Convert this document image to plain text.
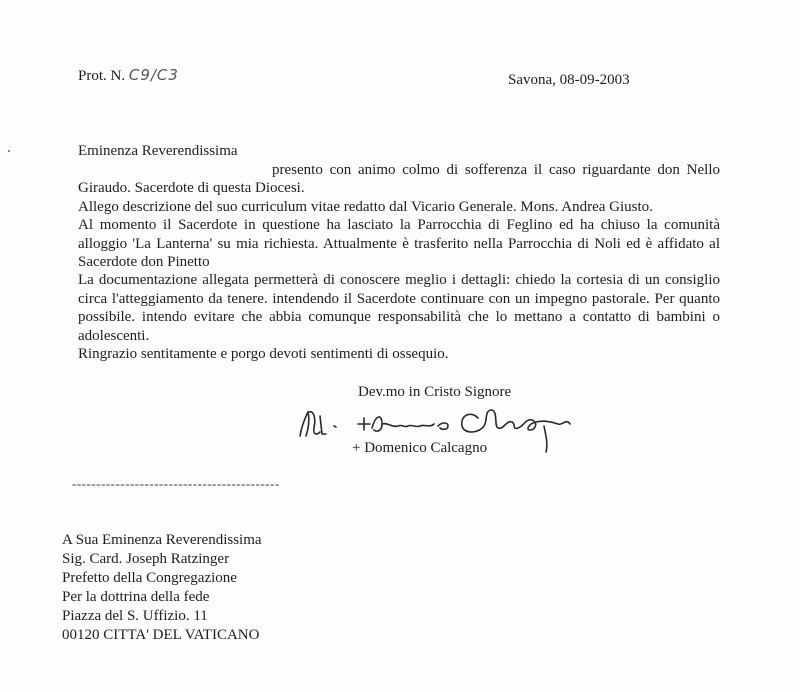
Prot. N. C9/C3	Savona, 08-09-2003
Eminenza Reverendissima

presento con animo colmo di sofferenza il caso riguardante don Nello Giraudo. Sacerdote di questa Diocesi.

Allego descrizione del suo curriculum vitae redatto dal Vicario Generale. Mons. Andrea Giusto.

Al momento il Sacerdote in questione ha lasciato la Parrocchia di Feglino ed ha chiuso la comunità alloggio 'La Lanterna' su mia richiesta. Attualmente è trasferito nella Parrocchia di Noli ed è affidato al Sacerdote don Pinetto

La documentazione allegata permetterà di conoscere meglio i dettagli: chiedo la cortesia di un consiglio circa l'atteggiamento da tenere. intendendo il Sacerdote continuare con un impegno pastorale. Per quanto possibile. intendo evitare che abbia comunque responsabilità che lo mettano a contatto di bambini o adolescenti.

Ringrazio sentitamente e porgo devoti sentimenti di ossequio.

Dev.mo in Cristo Signore
+ Domenico Calcagno
-------------------------------------------
A Sua Eminenza Reverendissima
Sig. Card. Joseph Ratzinger
Prefetto della Congregazione
Per la dottrina della fede
Piazza del S. Uffizio. 11
00120 CITTA' DEL VATICANO
